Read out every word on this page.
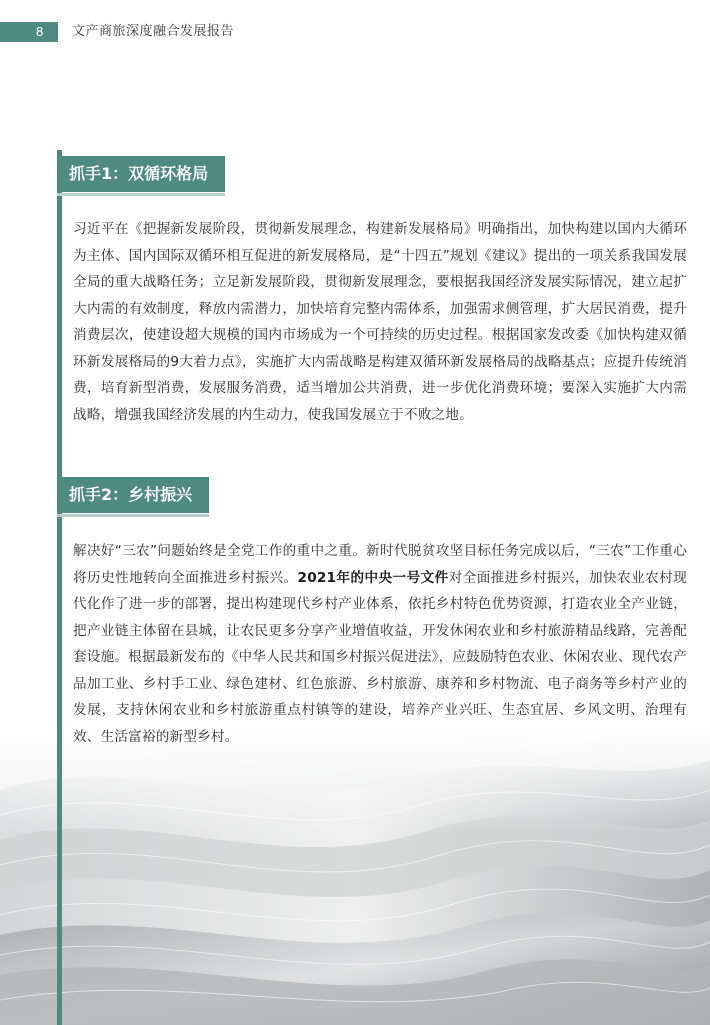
8 文产商旅深度融合发展报告
抓手1：双循环格局
习近平在《把握新发展阶段，贯彻新发展理念，构建新发展格局》明确指出，加快构建以国内大循环为主体、国内国际双循环相互促进的新发展格局，是“十四五”规划《建议》提出的一项关系我国发展全局的重大战略任务；立足新发展阶段，贯彻新发展理念，要根据我国经济发展实际情况，建立起扩大内需的有效制度，释放内需潜力，加快培育完整内需体系，加强需求侧管理，扩大居民消费，提升消费层次，使建设超大规模的国内市场成为一个可持续的历史过程。根据国家发改委《加快构建双循环新发展格局的9大着力点》，实施扩大内需战略是构建双循环新发展格局的战略基点；应提升传统消费，培育新型消费，发展服务消费，适当增加公共消费，进一步优化消费环境；要深入实施扩大内需战略，增强我国经济发展的内生动力，使我国发展立于不败之地。
抓手2：乡村振兴
解决好“三农”问题始终是全党工作的重中之重。新时代脱贫攻坚目标任务完成以后，“三农”工作重心将历史性地转向全面推进乡村振兴。2021年的中央一号文件对全面推进乡村振兴，加快农业农村现代化作了进一步的部署，提出构建现代乡村产业体系，依托乡村特色优势资源，打造农业全产业链，把产业链主体留在县城，让农民更多分享产业增值收益，开发休闲农业和乡村旅游精品线路，完善配套设施。根据最新发布的《中华人民共和国乡村振兴促进法》，应鼓励特色农业、休闲农业、现代农产品加工业、乡村手工业、绿色建材、红色旅游、乡村旅游、康养和乡村物流、电子商务等乡村产业的发展，支持休闲农业和乡村旅游重点村镇等的建设，培养产业兴旺、生态宜居、乡风文明、治理有效、生活富裕的新型乡村。
